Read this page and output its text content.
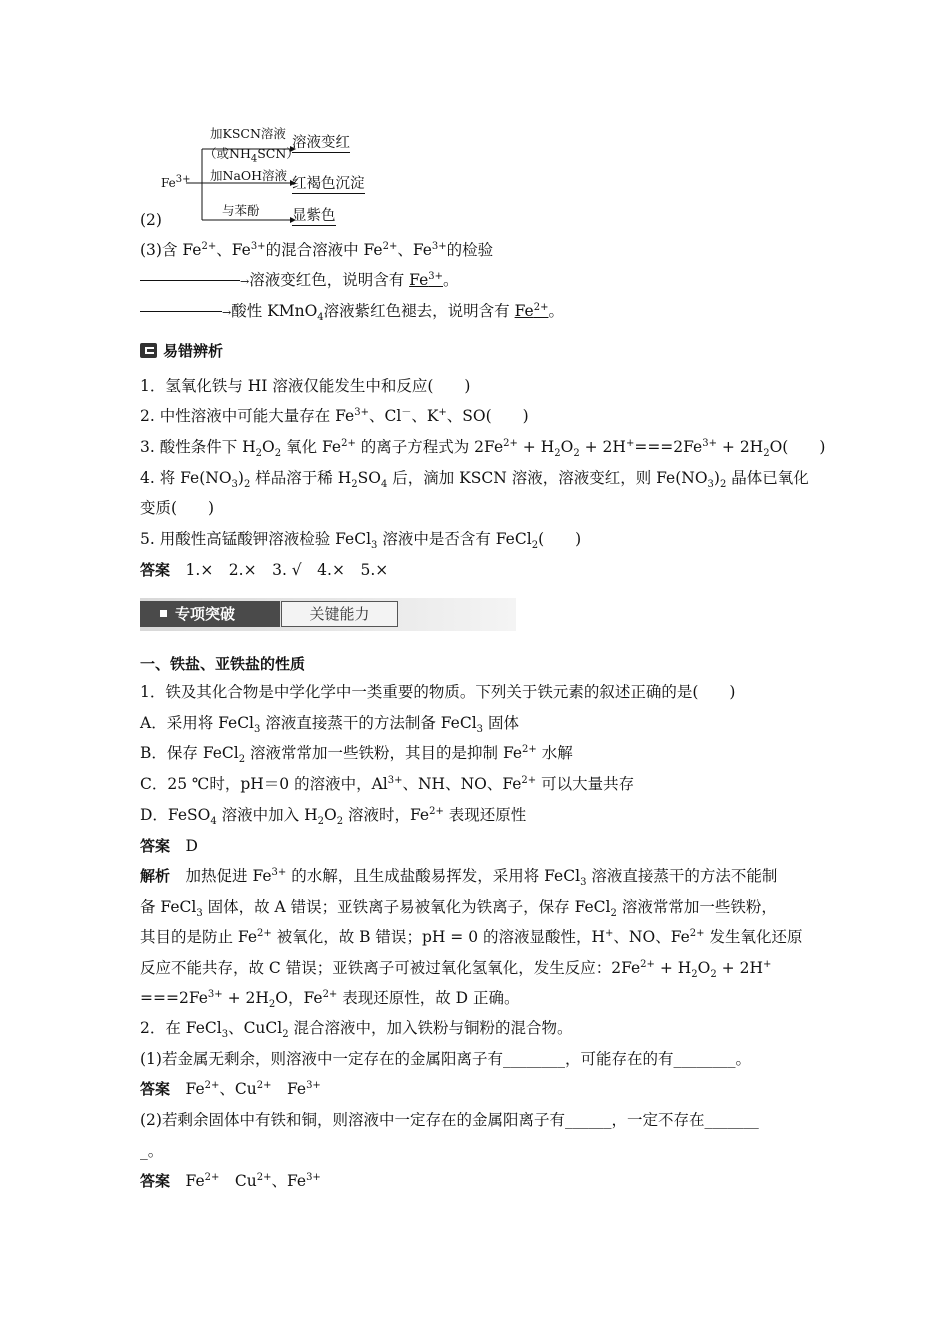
$Fe^{3+}$
加KSCN溶液
（或$NH_4SCN$）
溶液变红
加NaOH溶液
红褐色沉淀
与苯酚 显紫色
(2)
(3)含 $Fe^{2+}$、$Fe^{3+}$的混合溶液中 $Fe^{2+}$、$Fe^{3+}$的检验
→溶液变红色，说明含有 $Fe^{3+}$。
→酸性 KMnO$_4$溶液紫红色褪去，说明含有 $Fe^{2+}$。
易错辨析
1．氢氧化铁与 HI 溶液仅能发生中和反应(　　)
2. 中性溶液中可能大量存在 $Fe^{3+}$、Cl－、K+、SO(　　)
3. 酸性条件下 $H_2O_2$ 氧化 $Fe^{2+}$ 的离子方程式为 $2Fe^{2+} + H_2O_2 + 2H^+===2Fe^{3+} + 2H_2O$(　　)
4. 将 $Fe(NO_3)_2$ 样品溶于稀 $H_2SO_4$ 后，滴加 KSCN 溶液，溶液变红，则 $Fe(NO_3)_2$ 晶体已氧化
变质(　　)
5. 用酸性高锰酸钾溶液检验 FeCl$_3$ 溶液中是否含有 FeCl$_2$(　　)
答案　 1.×　2.×　3. √　4.×　5.×
专项突破	关键能力
一、铁盐、亚铁盐的性质
1．铁及其化合物是中学化学中一类重要的物质。下列关于铁元素的叙述正确的是(　　)
A．采用将 FeCl$_3$ 溶液直接蒸干的方法制备 FeCl$_3$ 固体
B．保存 FeCl$_2$ 溶液常常加一些铁粉，其目的是抑制 $Fe^{2+}$ 水解
C．25 ℃时，pH＝0 的溶液中，$Al^{3+}$、NH、NO、$Fe^{2+}$ 可以大量共存
D．FeSO$_4$ 溶液中加入 $H_2O_2$ 溶液时，$Fe^{2+}$ 表现还原性
答案　 D
解析　 加热促进 $Fe^{3+}$ 的水解，且生成盐酸易挥发，采用将 FeCl$_3$ 溶液直接蒸干的方法不能制
备 FeCl$_3$ 固体，故 A 错误；亚铁离子易被氧化为铁离子，保存 FeCl$_2$ 溶液常常加一些铁粉，
其目的是防止 $Fe^{2+}$ 被氧化，故 B 错误；pH = 0 的溶液显酸性，H+、NO、$Fe^{2+}$ 发生氧化还原
反应不能共存，故 C 错误；亚铁离子可被过氧化氢氧化，发生反应：$2Fe^{2+} + H_2O_2 + 2H^+$
$===2Fe^{3+} + 2H_2O$，$Fe^{2+}$ 表现还原性，故 D 正确。
2．在 FeCl$_3$、CuCl$_2$ 混合溶液中，加入铁粉与铜粉的混合物。
(1)若金属无剩余，则溶液中一定存在的金属阳离子有________，可能存在的有________。
答案　 $Fe^{2+}$、$Cu^{2+}$　$Fe^{3+}$
(2)若剩余固体中有铁和铜，则溶液中一定存在的金属阳离子有______，一定不存在_______
_。
答案　 $Fe^{2+}$　$Cu^{2+}$、$Fe^{3+}$
